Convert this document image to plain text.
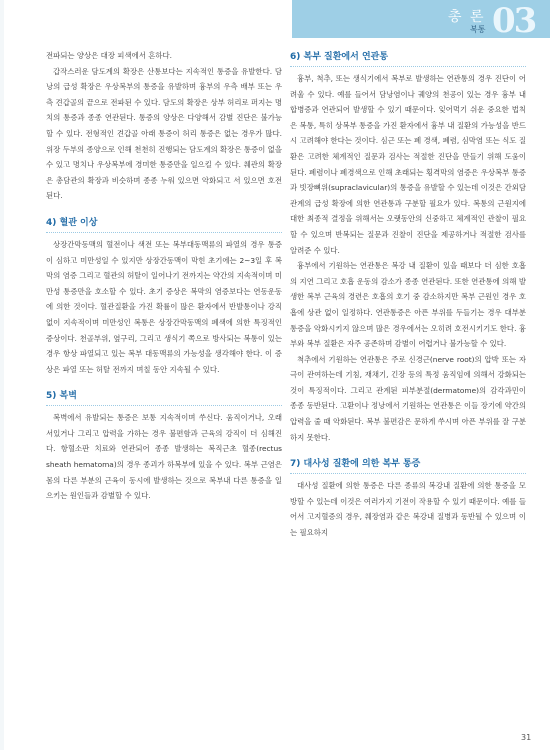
03
총 론
복통

전파되는 양상은 대장 피색에서 흔하다.

갑작스러운 담도계의 확장은 산통보다는 지속적인 통증을 유발한다. 담낭의 급성 확장은 우상복부의 통증을 유발하며 흉부의 우측 배부 또는 우측 견갑골의 끝으로 전파된 수 있다. 담도의 확장은 상부 허리로 퍼지는 명치의 통증과 종종 연관된다. 통증의 양상은 다양해서 감별 진단은 불가능할 수 있다. 전형적인 견갑골 아래 통증이 허리 통증은 없는 경우가 많다. 위장 두부의 종양으로 인해 천천히 진행되는 담도계의 확장은 통증이 없을 수 있고 명치나 우상복부에 경미한 통증만을 일으킬 수 있다. 췌관의 확장은 총담관의 확장과 비슷하며 종종 누워 있으면 악화되고 서 있으면 호전된다.

4) 혈관 이상

상장간막동맥의 혈전이나 색전 또는 복부대동맥류의 파열의 경우 통증이 심하고 미만성일 수 있지만 상장간동맥이 막힌 초기에는 2~3일 후 복막의 염증 그리고 혈관의 허탈이 일어나기 전까지는 약간의 지속적이며 미만성 통증만을 호소할 수 있다. 초기 증상은 복막의 염증보다는 연동운동에 의한 것이다. 혈관질환을 가진 확률이 많은 환자에서 반발통이나 강직 없이 지속적이며 미만성인 복통은 상장간막동맥의 폐색에 의한 특징적인 증상이다. 천골부위, 옆구리, 그리고 생식기 쪽으로 방사되는 복통이 있는 경우 항상 파열되고 있는 복부 대동맥류의 가능성을 생각해야 한다. 이 증상은 파열 또는 허탈 전까지 며칠 동안 지속될 수 있다.

5) 복벽

복벽에서 유발되는 통증은 보통 지속적이며 쑤신다. 움직이거나, 오래 서있거나 그리고 압력을 가하는 경우 불편함과 근육의 강직이 더 심해진다. 항혈소판 치료와 연관되어 종종 발생하는 복직근초 혈종(rectus sheath hematoma)의 경우 종괴가 하복부에 있을 수 있다. 복부 근염은 몸의 다른 부분의 근육이 동시에 발생하는 것으로 복부내 다른 통증을 일으키는 원인들과 감별할 수 있다.

6) 복부 질환에서 연관통

흉부, 척추, 또는 생식기에서 복부로 발생하는 연관통의 경우 진단이 어려울 수 있다. 예를 들어서 담낭염이나 궤양의 천공이 있는 경우 흉부 내 합병증과 연관되어 발생할 수 있기 때문이다. 잊어먹기 쉬운 중요한 법칙은 복통, 특히 상복부 통증을 가진 환자에서 흉부 내 질환의 가능성을 반드시 고려해야 한다는 것이다. 심근 또는 폐 경색, 폐렴, 심막염 또는 식도 질환은 고려한 체계적인 질문과 검사는 적절한 진단을 만들기 위해 도움이 된다. 폐렴이나 폐경색으로 인해 초래되는 횡격막의 염증은 우상복부 통증과 빗장뼈위(supraclavicular)의 통증을 유발할 수 있는데 이것은 간외담관계의 급성 확장에 의한 연관통과 구분할 필요가 있다. 복통의 근원지에 대한 최종적 결정을 위해서는 오랫동안의 신중하고 체계적인 관찰이 필요할 수 있으며 반복되는 질문과 진찰이 진단을 제공하거나 적절한 검사를 알려준 수 있다.

흉부에서 기원하는 연관통은 복강 내 질환이 있을 때보다 더 심한 호흡의 지연 그리고 호흡 운동의 감소가 종종 연관된다. 또한 연관통에 의해 발생한 복부 근육의 경련은 호흡의 호기 중 감소하지만 복부 근원인 경우 호흡에 상관 없이 일정하다. 연관통증은 아픈 부위를 두들기는 경우 대부분 통증을 악화시키지 않으며 많은 경우에서는 오히려 호전시키기도 한다. 흉부와 복부 질환은 자주 공존하며 감별이 어렵거나 불가능할 수 있다.

척추에서 기원하는 연관통은 주로 신경근(nerve root)의 압박 또는 자극이 관여하는데 기침, 재채기, 긴장 등의 특정 움직임에 의해서 강화되는 것이 특징적이다. 그리고 관계된 피부분절(dermatome)의 감각과민이 종종 동반된다. 고환이나 정낭에서 기원하는 연관통은 이들 장기에 약간의 압력을 줄 때 악화된다. 복부 불편감은 문하게 쑤시며 아픈 부위를 잘 구분하지 못한다.

7) 대사성 질환에 의한 복부 통증

대사성 질환에 의한 통증은 다른 종류의 복강내 질환에 의한 통증을 모방할 수 있는데 이것은 여러가지 기전이 작용할 수 있기 때문이다. 예를 들어서 고지혈증의 경우, 췌장염과 같은 복강내 질병과 동반될 수 있으며 이는 필요하지

31
